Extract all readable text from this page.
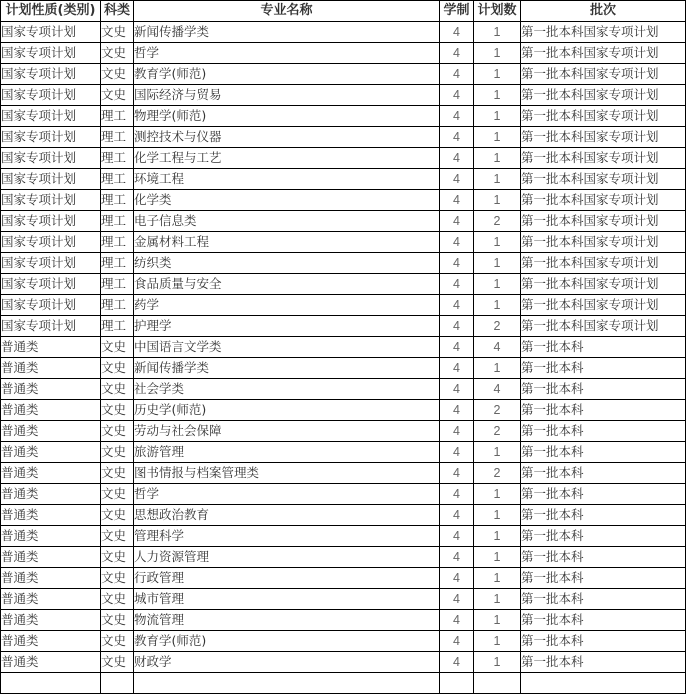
计划性质(类别)	科类	专业名称	学制	计划数	批次
国家专项计划	文史	新闻传播学类	4	1	第一批本科国家专项计划
国家专项计划	文史	哲学	4	1	第一批本科国家专项计划
国家专项计划	文史	教育学(师范)	4	1	第一批本科国家专项计划
国家专项计划	文史	国际经济与贸易	4	1	第一批本科国家专项计划
国家专项计划	理工	物理学(师范)	4	1	第一批本科国家专项计划
国家专项计划	理工	测控技术与仪器	4	1	第一批本科国家专项计划
国家专项计划	理工	化学工程与工艺	4	1	第一批本科国家专项计划
国家专项计划	理工	环境工程	4	1	第一批本科国家专项计划
国家专项计划	理工	化学类	4	1	第一批本科国家专项计划
国家专项计划	理工	电子信息类	4	2	第一批本科国家专项计划
国家专项计划	理工	金属材料工程	4	1	第一批本科国家专项计划
国家专项计划	理工	纺织类	4	1	第一批本科国家专项计划
国家专项计划	理工	食品质量与安全	4	1	第一批本科国家专项计划
国家专项计划	理工	药学	4	1	第一批本科国家专项计划
国家专项计划	理工	护理学	4	2	第一批本科国家专项计划
普通类	文史	中国语言文学类	4	4	第一批本科
普通类	文史	新闻传播学类	4	1	第一批本科
普通类	文史	社会学类	4	4	第一批本科
普通类	文史	历史学(师范)	4	2	第一批本科
普通类	文史	劳动与社会保障	4	2	第一批本科
普通类	文史	旅游管理	4	1	第一批本科
普通类	文史	图书情报与档案管理类	4	2	第一批本科
普通类	文史	哲学	4	1	第一批本科
普通类	文史	思想政治教育	4	1	第一批本科
普通类	文史	管理科学	4	1	第一批本科
普通类	文史	人力资源管理	4	1	第一批本科
普通类	文史	行政管理	4	1	第一批本科
普通类	文史	城市管理	4	1	第一批本科
普通类	文史	物流管理	4	1	第一批本科
普通类	文史	教育学(师范)	4	1	第一批本科
普通类	文史	财政学	4	1	第一批本科
